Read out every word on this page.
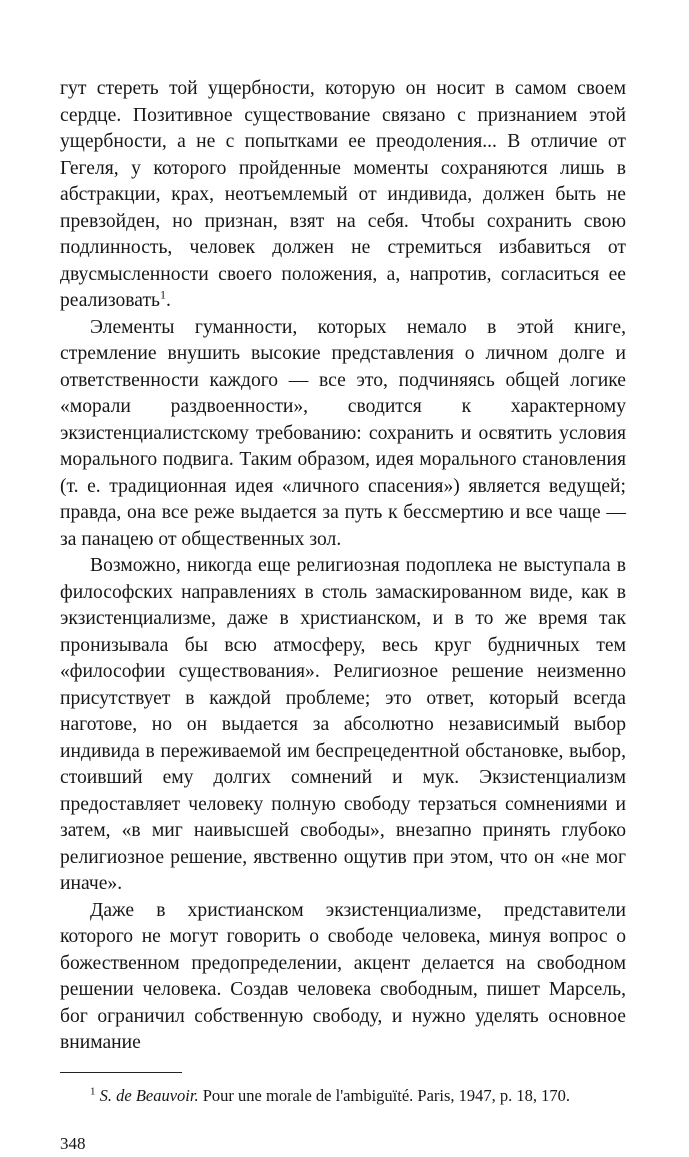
гут стереть той ущербности, которую он носит в самом своем сердце. Позитивное существование связано с признанием этой ущербности, а не с попытками ее преодоления... В отличие от Гегеля, у которого пройденные моменты сохраняются лишь в абстракции, крах, неотъемлемый от индивида, должен быть не превзойден, но признан, взят на себя. Чтобы сохранить свою подлинность, человек должен не стремиться избавиться от двусмысленности своего положения, а, напротив, согласиться ее реализовать$^1$.

Элементы гуманности, которых немало в этой книге, стремление внушить высокие представления о личном долге и ответственности каждого — все это, подчиняясь общей логике «морали раздвоенности», сводится к характерному экзистенциалистскому требованию: сохранить и освятить условия морального подвига. Таким образом, идея морального становления (т. е. традиционная идея «личного спасения») является ведущей; правда, она все реже выдается за путь к бессмертию и все чаще — за панацею от общественных зол.

Возможно, никогда еще религиозная подоплека не выступала в философских направлениях в столь замаскированном виде, как в экзистенциализме, даже в христианском, и в то же время так пронизывала бы всю атмосферу, весь круг будничных тем «философии существования». Религиозное решение неизменно присутствует в каждой проблеме; это ответ, который всегда наготове, но он выдается за абсолютно независимый выбор индивида в переживаемой им беспрецедентной обстановке, выбор, стоивший ему долгих сомнений и мук. Экзистенциализм предоставляет человеку полную свободу терзаться сомнениями и затем, «в миг наивысшей свободы», внезапно принять глубоко религиозное решение, явственно ощутив при этом, что он «не мог иначе».

Даже в христианском экзистенциализме, представители которого не могут говорить о свободе человека, минуя вопрос о божественном предопределении, акцент делается на свободном решении человека. Создав человека свободным, пишет Марсель, бог ограничил собственную свободу, и нужно уделять основное внимание

$^1$ S. de Beauvoir. Pour une morale de l'ambiguïté. Paris, 1947, p. 18, 170.

348
